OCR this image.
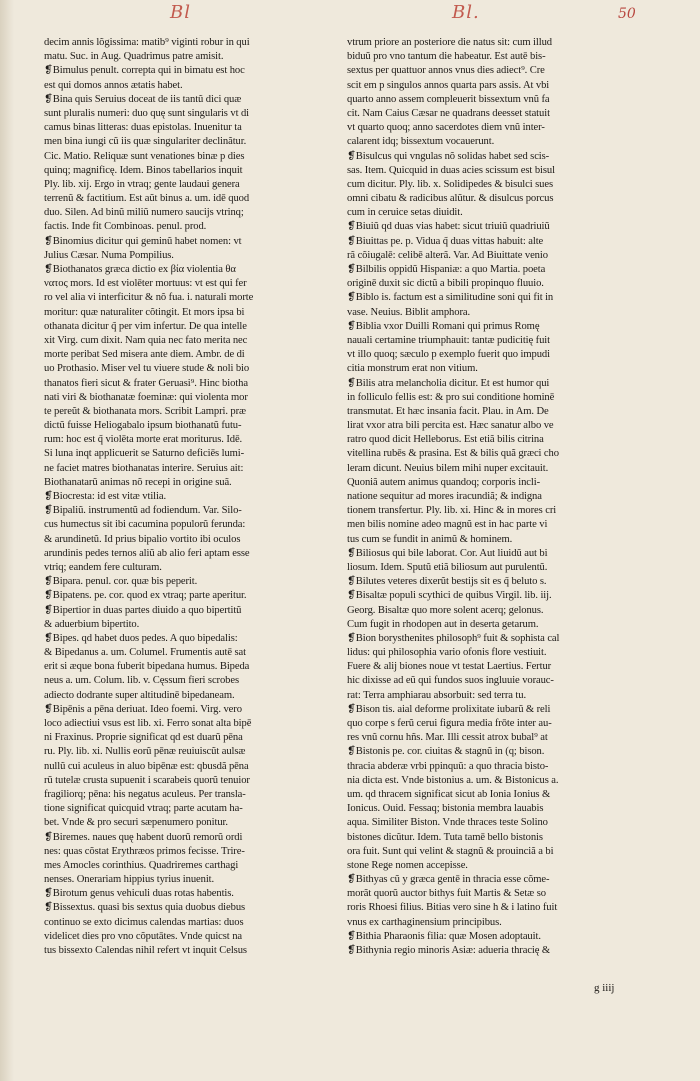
Bl	Bl.	50
decim annis lõgissima: matib⁹ viginti robur in qui
matu. Suc. in Aug. Quadrimus patre amisit.
❡Bimulus penult. correpta qui in bimatu est hoc
est qui domos annos ætatis habet.
❡Bina quis Seruius doceat de iis tantũ dici quæ
sunt pluralis numeri: duo quę sunt singularis vt di
camus binas litteras: duas epistolas. Inuenitur ta
men bina iungi cũ iis quæ singulariter declinãtur.
Cic. Matio. Reliquæ sunt venationes binæ p dies
quinq; magnificę. Idem. Binos tabellarios inquit
Ply. lib. xij. Ergo in vtraq; gente laudaui genera
terrenũ & factitium. Est aũt binus a. um. idē quod
duo. Silen. Ad binũ miliũ numero saucijs vtrinq;
factis. Inde fit Combinoas. penul. prod.
❡Binomius dicitur qui geminũ habet nomen: vt
Julius Cæsar. Numa Pompilius.
❡Biothanatos græca dictio ex βία violentia θα
νατος mors. Id est violēter mortuus: vt est qui fer
ro vel alia vi interficitur & nõ fua. i. naturali morte
moritur: quæ naturaliter cõtingit. Et mors ipsa bi
othanata dicitur q̃ per vim infertur. De qua intelle
xit Virg. cum dixit. Nam quia nec fato merita nec
morte peribat Sed misera ante diem. Ambr. de di
uo Prothasio. Miser vel tu viuere stude & noli bio
thanatos fieri sicut & frater Geruasi⁹. Hinc biotha
nati viri & biothanatæ foeminæ: qui violenta mor
te pereũt & biothanata mors. Scribit Lampri. præ
dictũ fuisse Heliogabalo ipsum biothanatũ futu-
rum: hoc est q̃ violēta morte erat moriturus. Idē.
Si luna inqt applicuerit se Saturno deficiēs lumi-
ne faciet matres biothanatas interire. Seruius ait:
Biothanatarũ animas nõ recepi in origine suã.
❡Biocresta: id est vitæ vtilia.
❡Bipaliũ. instrumentũ ad fodiendum. Var. Silo-
cus humectus sit ibi cacumina populorũ ferunda:
& arundinetũ. Id prius bipalio vortito ibi oculos
arundinis pedes ternos aliũ ab alio feri aptam esse
vtriq; eandem fere culturam.
❡Bipara. penul. cor. quæ bis peperit.
❡Bipatens. pe. cor. quod ex vtraq; parte aperitur.
❡Bipertior in duas partes diuido a quo bipertitũ
& aduerbium bipertito.
❡Bipes. qd habet duos pedes. A quo bipedalis:
& Bipedanus a. um. Columel. Frumentis autē sat
erit si æque bona fuberit bipedana humus. Bipeda
neus a. um. Colum. lib. v. Cęssum fieri scrobes
adiecto dodrante super altitudinē bipedaneam.
❡Bipēnis a pēna deriuat. Ideo foemi. Virg. vero
loco adiectiui vsus est lib. xi. Ferro sonat alta bipē
ni Fraxinus. Proprie significat qd est duarũ pēna
ru. Ply. lib. xi. Nullis eorũ pēnæ reuiuiscũt aulsæ
nullũ cui aculeus in aluo bipēnæ est: qbusdã pēna
rũ tutelæ crusta supuenit i scarabeis quorũ tenuior
fragiliorq; pēna: his negatus aculeus. Per transla-
tione significat quicquid vtraq; parte acutam ha-
bet. Vnde & pro securi sæpenumero ponitur.
❡Biremes. naues quę habent duorũ remorũ ordi
nes: quas cõstat Erythræos primos fecisse. Trire-
mes Amocles corinthius. Quadriremes carthagi
nenses. Onerariam hippius tyrius inuenit.
❡Birotum genus vehiculi duas rotas habentis.
❡Bissextus. quasi bis sextus quia duobus diebus
continuo se exto dicimus calendas martias: duos
videlicet dies pro vno cõputātes. Vnde quicst na
tus bissexto Calendas nihil refert vt inquit Celsus
vtrum priore an posteriore die natus sit: cum illud
biduũ pro vno tantum die habeatur. Est autē bis-
sextus per quattuor annos vnus dies adiect⁹. Cre
scit em p singulos annos quarta pars assis. At vbi
quarto anno assem compleuerit bissextum vnũ fa
cit. Nam Caius Cæsar ne quadrans deesset statuit
vt quarto quoq; anno sacerdotes diem vnũ inter-
calarent idq; bissextum vocauerunt.
❡Bisulcus qui vngulas nõ solidas habet sed scis-
sas. Item. Quicquid in duas acies scissum est bisul
cum dicitur. Ply. lib. x. Solidipedes & bisulci sues
omni cibatu & radicibus alũtur. & disulcus porcus
cum in ceruice setas diuidit.
❡Biuiũ qd duas vias habet: sicut triuiũ quadriuiũ
❡Biuittas pe. p. Vidua q̃ duas vittas habuit: alte
rã cõiugalē: celibē alterã. Var. Ad Biuittate venio
❡Bilbilis oppidũ Hispaniæ: a quo Martia. poeta
originē duxit sic dictũ a bibili propinquo fluuio.
❡Biblo is. factum est a similitudine soni qui fit in
vase. Neuius. Biblit amphora.
❡Biblia vxor Duilli Romani qui primus Romę
nauali certamine triumphauit: tantæ pudicitię fuit
vt illo quoq; sæculo p exemplo fuerit quo impudi
citia monstrum erat non vitium.
❡Bilis atra melancholia dicitur. Et est humor qui
in folliculo fellis est: & pro sui conditione hominē
transmutat. Et hæc insania facit. Plau. in Am. De
lirat vxor atra bili percita est. Hæc sanatur albo ve
ratro quod dicit Helleborus. Est etiã bilis citrina
vitellina rubēs & prasina. Est & bilis quã græci cho
leram dicunt. Neuius bilem mihi nuper excitauit.
Quoniã autem animus quandoq; corporis incli-
natione sequitur ad mores iracundiã; & indigna
tionem transfertur. Ply. lib. xi. Hinc & in mores cri
men bilis nomine adeo magnũ est in hac parte vi
tus cum se fundit in animũ & hominem.
❡Biliosus qui bile laborat. Cor. Aut liuidũ aut bi
liosum. Idem. Sputũ etiã biliosum aut purulentũ.
❡Bilutes veteres dixerũt bestijs sit es q̃ beluto s.
❡Bisaltæ populi scythici de quibus Virgil. lib. iij.
Georg. Bisaltæ quo more solent acerq; gelonus.
Cum fugit in rhodopen aut in deserta getarum.
❡Bion borysthenites philosoph⁹ fuit & sophista cal
lidus: qui philosophia vario ofonis flore vestiuit.
Fuere & alij biones noue vt testat Laertius. Fertur
hic dixisse ad eũ qui fundos suos ingluuie vorauc-
rat: Terra amphiarau absorbuit: sed terra tu.
❡Bison tis. aial deforme prolixitate iubarũ & reli
quo corpe s ferũ cerui figura media frōte inter au-
res vnũ cornu hñs. Mar. Illi cessit atrox bubal⁹ at
❡Bistonis pe. cor. ciuitas & stagnũ in (q; bison.
thracia abderæ vrbi ppinquũ: a quo thracia bisto-
nia dicta est. Vnde bistonius a. um. & Bistonicus a.
um. qd thracem significat sicut ab Ionia Ionius &
Ionicus. Ouid. Fessaq; bistonia membra lauabis
aqua. Similiter Biston. Vnde thraces teste Solino
bistones dicũtur. Idem. Tuta tamē bello bistonis
ora fuit. Sunt qui velint & stagnũ & prouinciã a bi
stone Rege nomen accepisse.
❡Bithyas cũ y græca gentē in thracia esse cõme-
morãt quorũ auctor bithys fuit Martis & Setæ so
roris Rhoesi filius. Bitias vero sine h & i latino fuit
vnus ex carthaginensium principibus.
❡Bithia Pharaonis filia: quæ Mosen adoptauit.
❡Bithynia regio minoris Asiæ: adueria thracię &
g iiij
